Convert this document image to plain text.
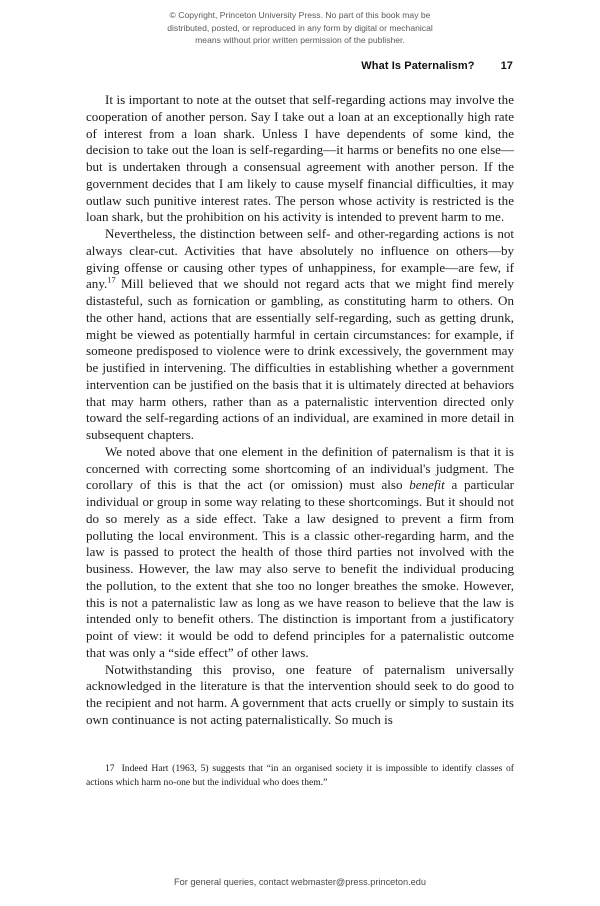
© Copyright, Princeton University Press. No part of this book may be
distributed, posted, or reproduced in any form by digital or mechanical
means without prior written permission of the publisher.
What Is Paternalism? 17

It is important to note at the outset that self-regarding actions may involve the cooperation of another person. Say I take out a loan at an exceptionally high rate of interest from a loan shark. Unless I have dependents of some kind, the decision to take out the loan is self-regarding—it harms or benefits no one else—but is undertaken through a consensual agreement with another person. If the government decides that I am likely to cause myself financial difficulties, it may outlaw such punitive interest rates. The person whose activity is restricted is the loan shark, but the prohibition on his activity is intended to prevent harm to me.

Nevertheless, the distinction between self- and other-regarding actions is not always clear-cut. Activities that have absolutely no influence on others—by giving offense or causing other types of unhappiness, for example—are few, if any.$^{17}$ Mill believed that we should not regard acts that we might find merely distasteful, such as fornication or gambling, as constituting harm to others. On the other hand, actions that are essentially self-regarding, such as getting drunk, might be viewed as potentially harmful in certain circumstances: for example, if someone predisposed to violence were to drink excessively, the government may be justified in intervening. The difficulties in establishing whether a government intervention can be justified on the basis that it is ultimately directed at behaviors that may harm others, rather than as a paternalistic intervention directed only toward the self-regarding actions of an individual, are examined in more detail in subsequent chapters.

We noted above that one element in the definition of paternalism is that it is concerned with correcting some shortcoming of an individual's judgment. The corollary of this is that the act (or omission) must also benefit a particular individual or group in some way relating to these shortcomings. But it should not do so merely as a side effect. Take a law designed to prevent a firm from polluting the local environment. This is a classic other-regarding harm, and the law is passed to protect the health of those third parties not involved with the business. However, the law may also serve to benefit the individual producing the pollution, to the extent that she too no longer breathes the smoke. However, this is not a paternalistic law as long as we have reason to believe that the law is intended only to benefit others. The distinction is important from a justificatory point of view: it would be odd to defend principles for a paternalistic outcome that was only a “side effect” of other laws.

Notwithstanding this proviso, one feature of paternalism universally acknowledged in the literature is that the intervention should seek to do good to the recipient and not harm. A government that acts cruelly or simply to sustain its own continuance is not acting paternalistically. So much is

17 Indeed Hart (1963, 5) suggests that “in an organised society it is impossible to identify classes of actions which harm no-one but the individual who does them.”

For general queries, contact webmaster@press.princeton.edu
